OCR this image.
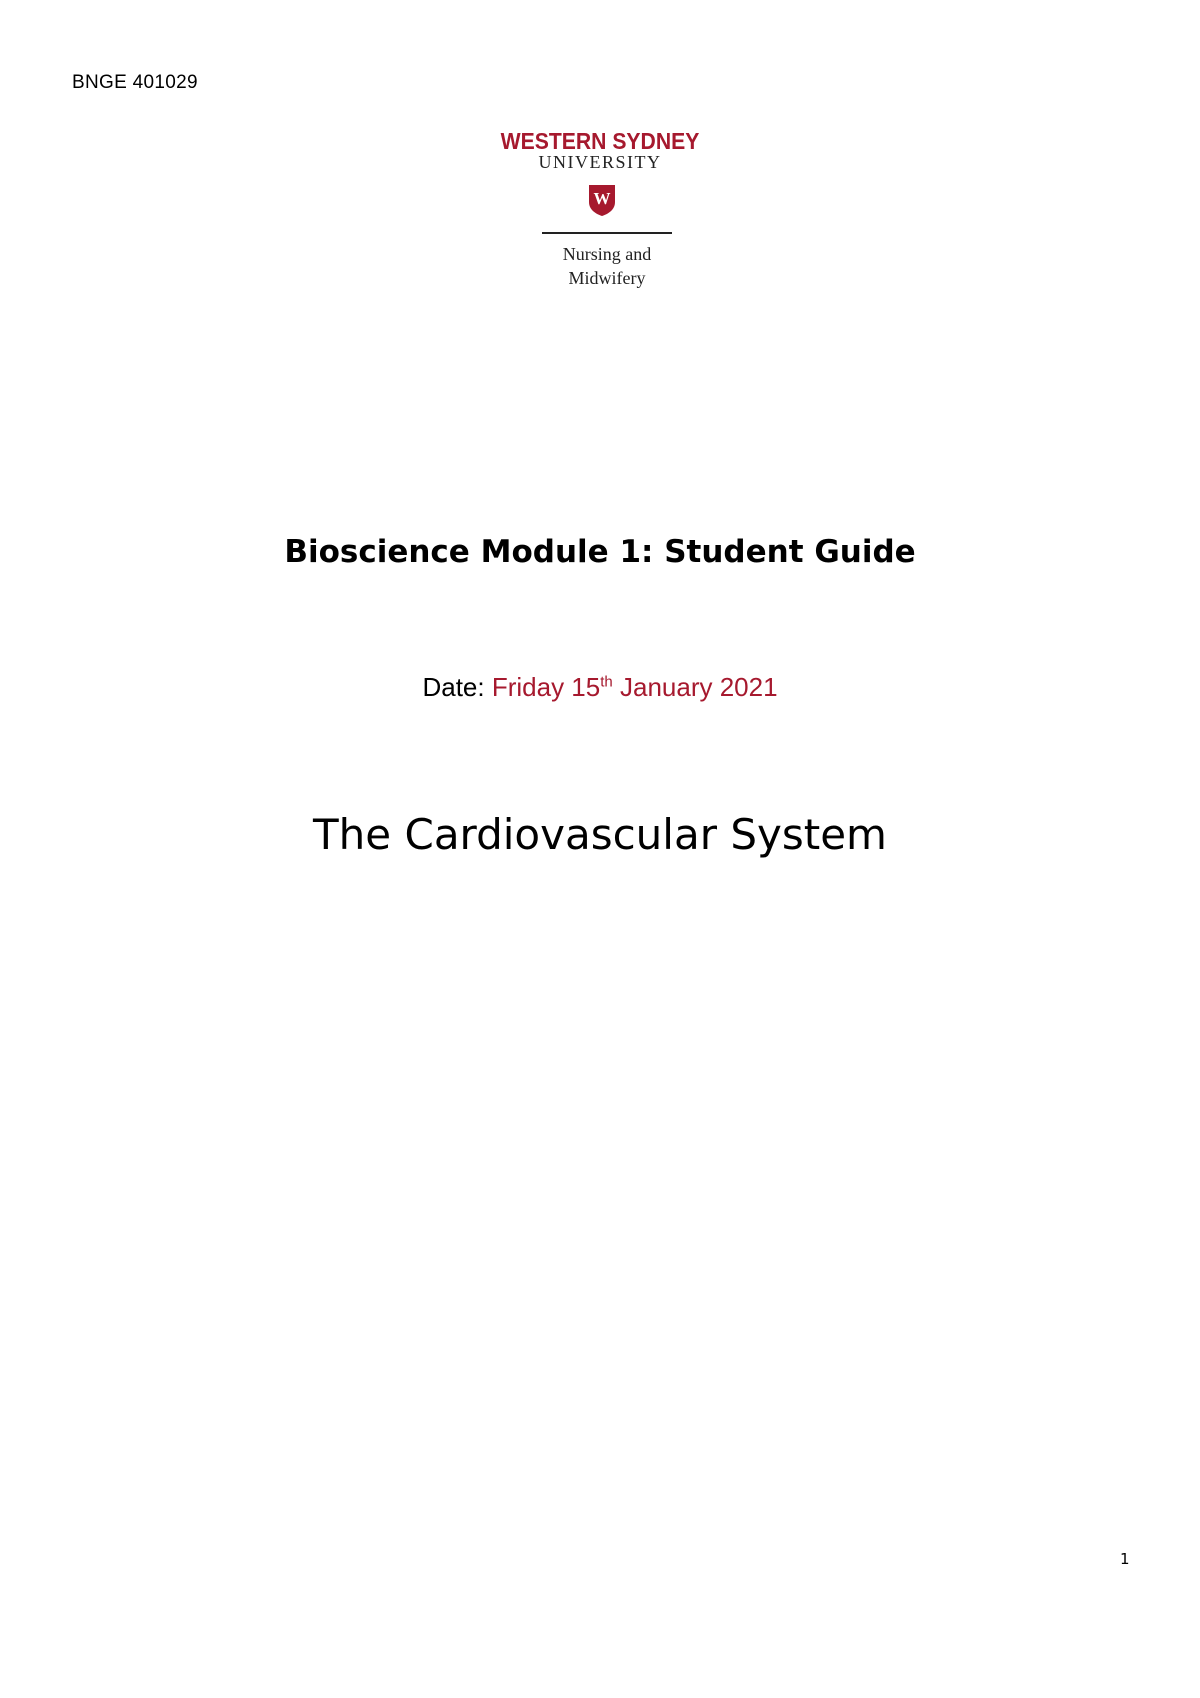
BNGE 401029
WESTERN SYDNEY
UNIVERSITY
W
Nursing and
Midwifery
Bioscience Module 1: Student Guide
Date: Friday 15th January 2021
The Cardiovascular System
1
